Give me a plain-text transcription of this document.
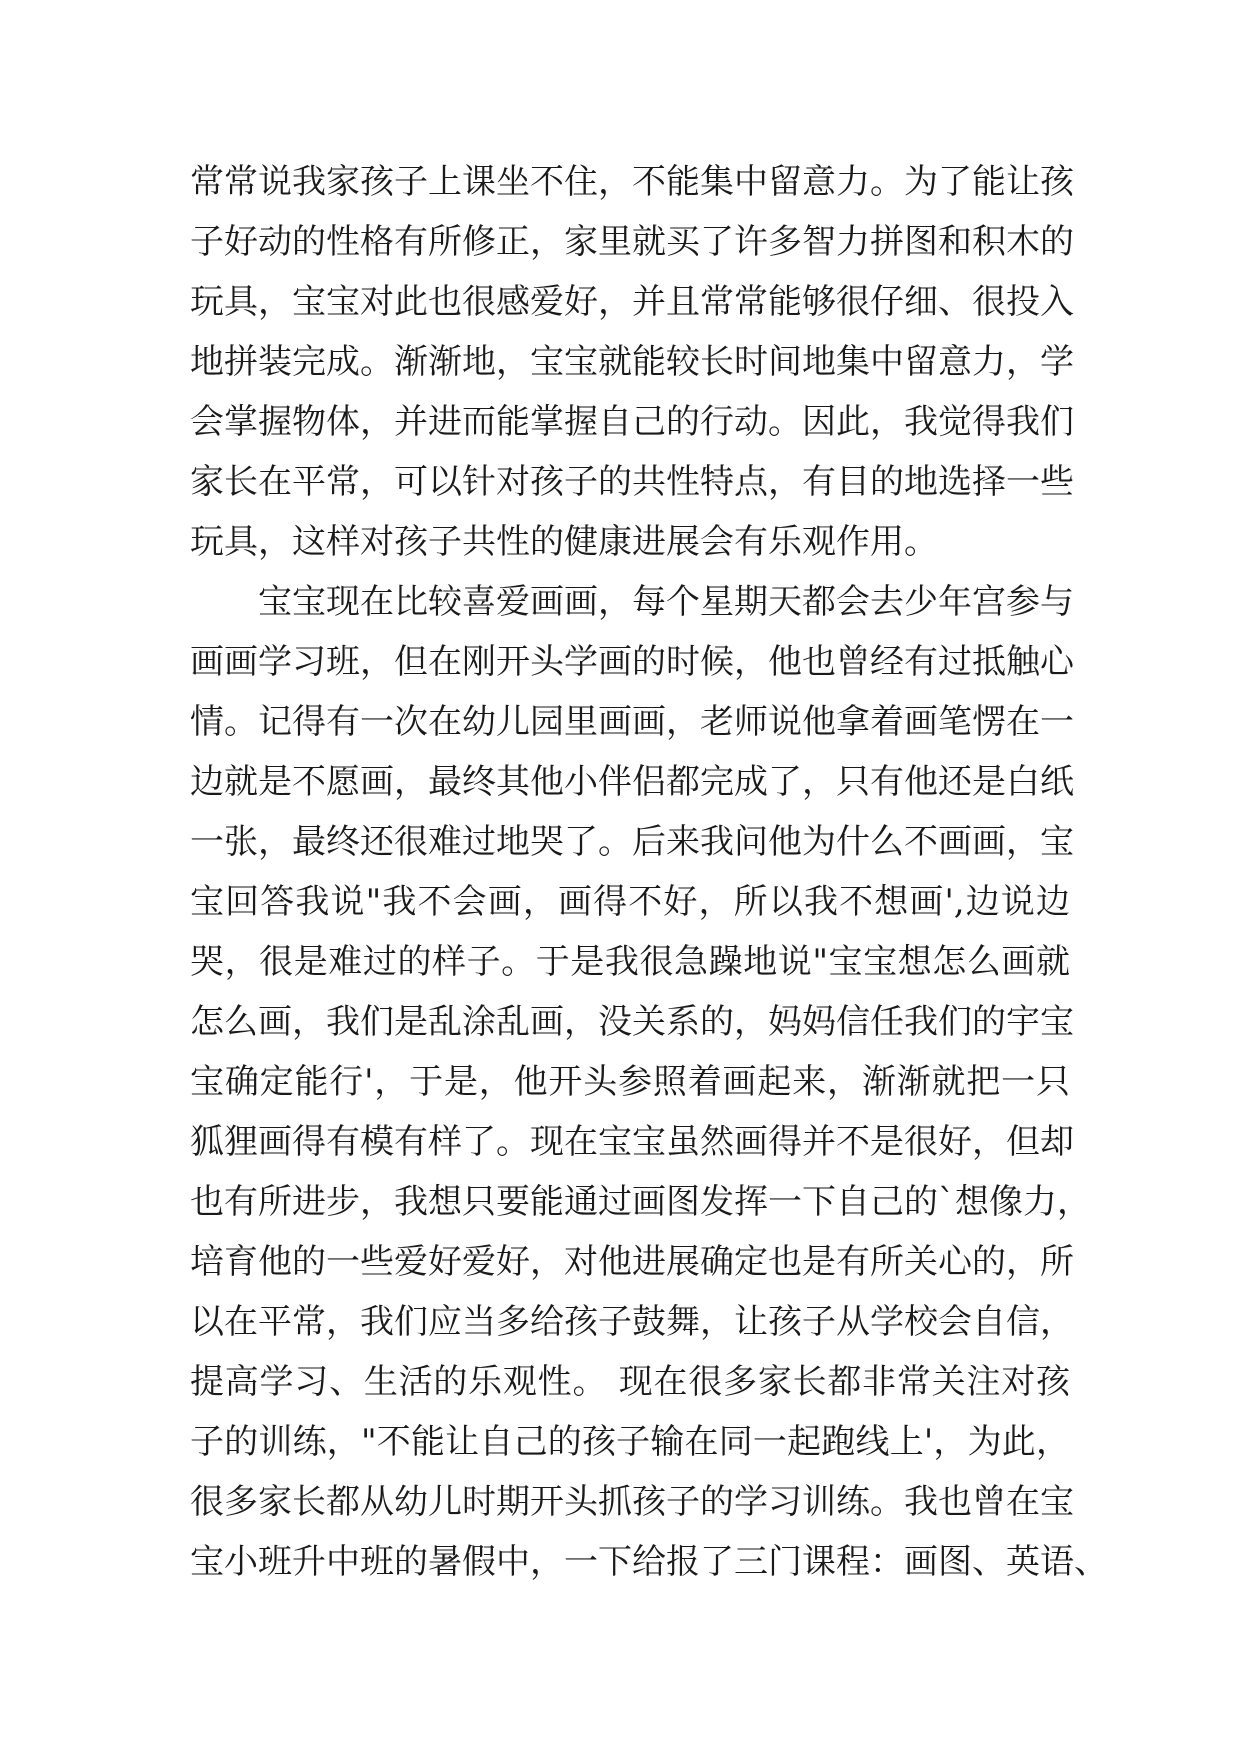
常常说我家孩子上课坐不住，不能集中留意力。为了能让孩
子好动的性格有所修正，家里就买了许多智力拼图和积木的
玩具，宝宝对此也很感爱好，并且常常能够很仔细、很投入
地拼装完成。渐渐地，宝宝就能较长时间地集中留意力，学
会掌握物体，并进而能掌握自己的行动。因此，我觉得我们
家长在平常，可以针对孩子的共性特点，有目的地选择一些
玩具，这样对孩子共性的健康进展会有乐观作用。
宝宝现在比较喜爱画画，每个星期天都会去少年宫参与
画画学习班，但在刚开头学画的时候，他也曾经有过抵触心
情。记得有一次在幼儿园里画画，老师说他拿着画笔愣在一
边就是不愿画，最终其他小伴侣都完成了，只有他还是白纸
一张，最终还很难过地哭了。后来我问他为什么不画画，宝
宝回答我说"我不会画，画得不好，所以我不想画',边说边
哭，很是难过的样子。于是我很急躁地说"宝宝想怎么画就
怎么画，我们是乱涂乱画，没关系的，妈妈信任我们的宇宝
宝确定能行'，于是，他开头参照着画起来，渐渐就把一只
狐狸画得有模有样了。现在宝宝虽然画得并不是很好，但却
也有所进步，我想只要能通过画图发挥一下自己的`想像力，
培育他的一些爱好爱好，对他进展确定也是有所关心的，所
以在平常，我们应当多给孩子鼓舞，让孩子从学校会自信，
提高学习、生活的乐观性。 现在很多家长都非常关注对孩
子的训练，"不能让自己的孩子输在同一起跑线上'，为此，
很多家长都从幼儿时期开头抓孩子的学习训练。我也曾在宝
宝小班升中班的暑假中，一下给报了三门课程：画图、英语、
